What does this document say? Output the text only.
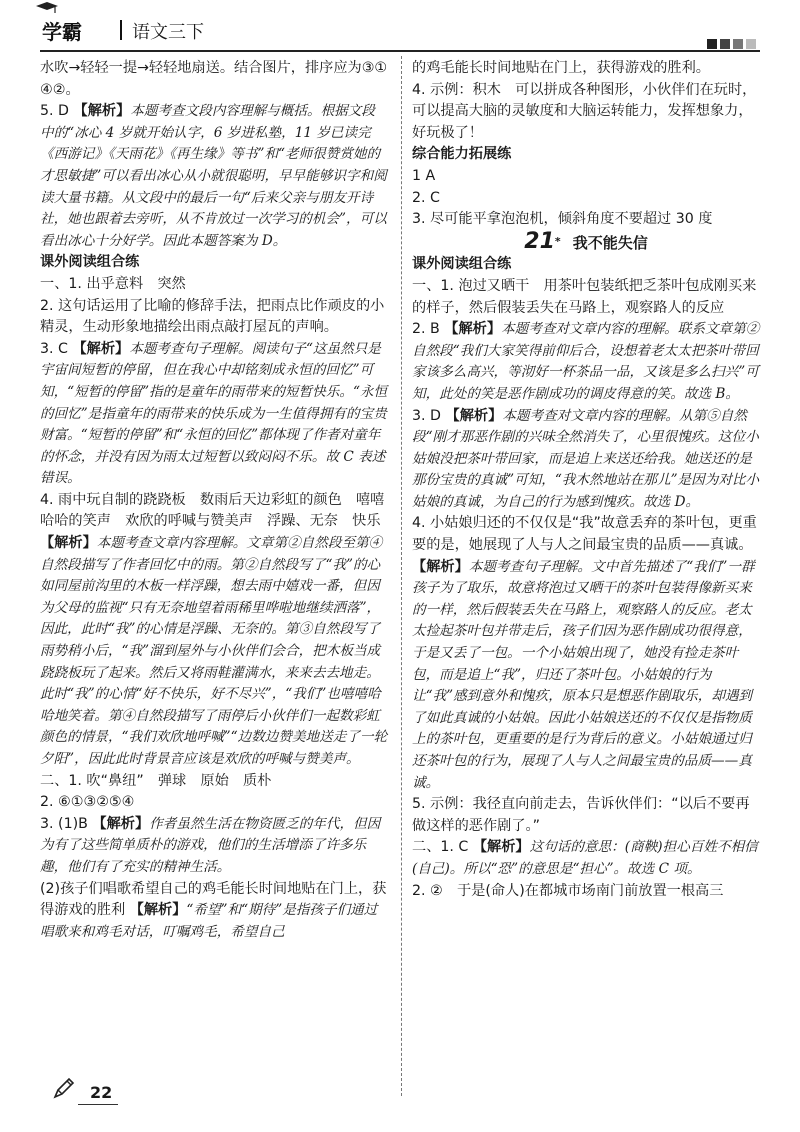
学霸	语文三下

水吹→轻轻一提→轻轻地扇送。结合图片，排序应为③①④②。

5. D 【解析】本题考查文段内容理解与概括。根据文段中的“冰心 4 岁就开始认字，6 岁进私塾，11 岁已读完《西游记》《天雨花》《再生缘》等书”和“老师很赞赏她的才思敏捷”可以看出冰心从小就很聪明，早早能够识字和阅读大量书籍。从文段中的最后一句“后来父亲与朋友开诗社，她也跟着去旁听，从不肯放过一次学习的机会”，可以看出冰心十分好学。因此本题答案为 D。

课外阅读组合练

一、1. 出乎意料　突然

2. 这句话运用了比喻的修辞手法，把雨点比作顽皮的小精灵，生动形象地描绘出雨点敲打屋瓦的声响。

3. C 【解析】本题考查句子理解。阅读句子“这虽然只是宇宙间短暂的停留，但在我心中却铭刻成永恒的回忆”可知，“短暂的停留”指的是童年的雨带来的短暂快乐。“永恒的回忆”是指童年的雨带来的快乐成为一生值得拥有的宝贵财富。“短暂的停留”和“永恒的回忆”都体现了作者对童年的怀念，并没有因为雨太过短暂以致闷闷不乐。故 C 表述错误。

4. 雨中玩自制的跷跷板　数雨后天边彩虹的颜色　嘻嘻哈哈的笑声　欢欣的呼喊与赞美声　浮躁、无奈　快乐

【解析】本题考查文章内容理解。文章第②自然段至第④自然段描写了作者回忆中的雨。第②自然段写了“我”的心如同屋前沟里的木板一样浮躁，想去雨中嬉戏一番，但因为父母的监视“只有无奈地望着雨稀里哗啦地继续洒落”，因此，此时“我”的心情是浮躁、无奈的。第③自然段写了雨势稍小后，“我”溜到屋外与小伙伴们会合，把木板当成跷跷板玩了起来。然后又将雨鞋灌满水，来来去去地走。此时“我”的心情“好不快乐，好不尽兴”，“我们”也嘻嘻哈哈地笑着。第④自然段描写了雨停后小伙伴们一起数彩虹颜色的情景，“我们欢欣地呼喊”“边数边赞美地送走了一轮夕阳”，因此此时背景音应该是欢欣的呼喊与赞美声。

二、1. 吹“鼻纽”　弹球　原始　质朴

2. ⑥①③②⑤④

3. (1)B 【解析】作者虽然生活在物资匮乏的年代，但因为有了这些简单质朴的游戏，他们的生活增添了许多乐趣，他们有了充实的精神生活。

(2)孩子们唱歌希望自己的鸡毛能长时间地贴在门上，获得游戏的胜利 【解析】“希望”和“期待”是指孩子们通过唱歌来和鸡毛对话，叮嘱鸡毛，希望自己

的鸡毛能长时间地贴在门上，获得游戏的胜利。

4. 示例：积木　可以拼成各种图形，小伙伴们在玩时，可以提高大脑的灵敏度和大脑运转能力，发挥想象力，好玩极了！

综合能力拓展练

1 A

2. C

3. 尽可能平拿泡泡机，倾斜角度不要超过 30 度

21* 我不能失信

课外阅读组合练

一、1. 泡过又晒干　用茶叶包装纸把乏茶叶包成刚买来的样子，然后假装丢失在马路上，观察路人的反应

2. B 【解析】本题考查对文章内容的理解。联系文章第②自然段“我们大家笑得前仰后合，设想着老太太把茶叶带回家该多么高兴，等沏好一杯茶品一品，又该是多么扫兴”可知，此处的笑是恶作剧成功的调皮得意的笑。故选 B。

3. D 【解析】本题考查对文章内容的理解。从第⑤自然段“刚才那恶作剧的兴味全然消失了，心里很愧疚。这位小姑娘没把茶叶带回家，而是追上来送还给我。她送还的是那份宝贵的真诚”可知，“我木然地站在那儿”是因为对比小姑娘的真诚，为自己的行为感到愧疚。故选 D。

4. 小姑娘归还的不仅仅是“我”故意丢弃的茶叶包，更重要的是，她展现了人与人之间最宝贵的品质——真诚。 【解析】本题考查句子理解。文中首先描述了“我们”一群孩子为了取乐，故意将泡过又晒干的茶叶包装得像新买来的一样，然后假装丢失在马路上，观察路人的反应。老太太捡起茶叶包并带走后，孩子们因为恶作剧成功很得意，于是又丢了一包。一个小姑娘出现了，她没有捡走茶叶包，而是追上“我”，归还了茶叶包。小姑娘的行为让“我”感到意外和愧疚，原本只是想恶作剧取乐，却遇到了如此真诚的小姑娘。因此小姑娘送还的不仅仅是指物质上的茶叶包，更重要的是行为背后的意义。小姑娘通过归还茶叶包的行为，展现了人与人之间最宝贵的品质——真诚。

5. 示例：我径直向前走去，告诉伙伴们：“以后不要再做这样的恶作剧了。”

二、1. C 【解析】这句话的意思：(商鞅)担心百姓不相信(自己)。所以“恐”的意思是“担心”。故选 C 项。

2. ②　于是(命人)在都城市场南门前放置一根高三

22
